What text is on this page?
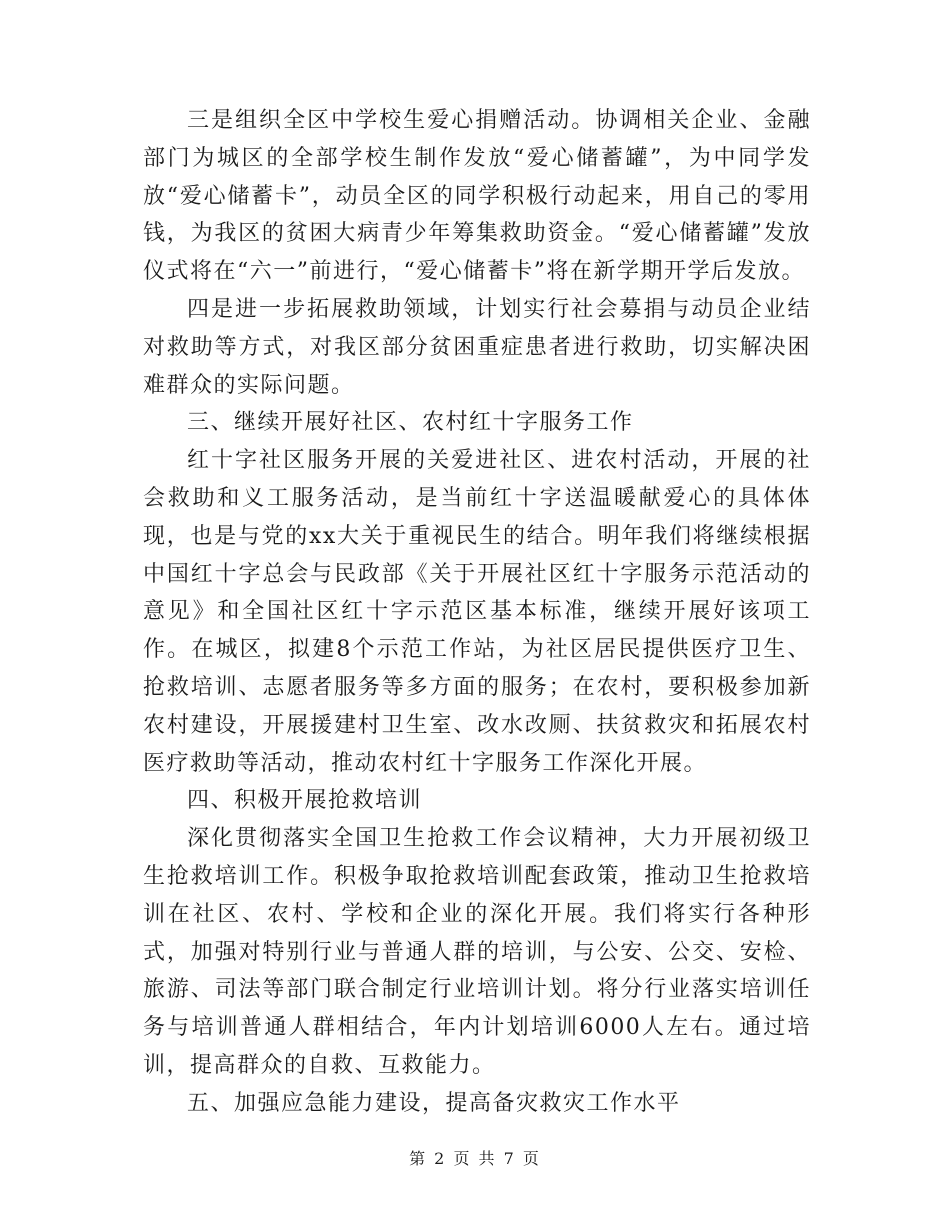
三是组织全区中学校生爱心捐赠活动。协调相关企业、金融部门为城区的全部学校生制作发放“爱心储蓄罐”，为中同学发放“爱心储蓄卡”，动员全区的同学积极行动起来，用自己的零用钱，为我区的贫困大病青少年筹集救助资金。“爱心储蓄罐”发放仪式将在“六一”前进行，“爱心储蓄卡”将在新学期开学后发放。

四是进一步拓展救助领域，计划实行社会募捐与动员企业结对救助等方式，对我区部分贫困重症患者进行救助，切实解决困难群众的实际问题。

三、继续开展好社区、农村红十字服务工作

红十字社区服务开展的关爱进社区、进农村活动，开展的社会救助和义工服务活动，是当前红十字送温暖献爱心的具体体现，也是与党的xx大关于重视民生的结合。明年我们将继续根据中国红十字总会与民政部《关于开展社区红十字服务示范活动的意见》和全国社区红十字示范区基本标准，继续开展好该项工作。在城区，拟建8个示范工作站，为社区居民提供医疗卫生、抢救培训、志愿者服务等多方面的服务；在农村，要积极参加新农村建设，开展援建村卫生室、改水改厕、扶贫救灾和拓展农村医疗救助等活动，推动农村红十字服务工作深化开展。

四、积极开展抢救培训

深化贯彻落实全国卫生抢救工作会议精神，大力开展初级卫生抢救培训工作。积极争取抢救培训配套政策，推动卫生抢救培训在社区、农村、学校和企业的深化开展。我们将实行各种形式，加强对特别行业与普通人群的培训，与公安、公交、安检、旅游、司法等部门联合制定行业培训计划。将分行业落实培训任务与培训普通人群相结合，年内计划培训6000人左右。通过培训，提高群众的自救、互救能力。

五、加强应急能力建设，提高备灾救灾工作水平

第 2 页 共 7 页
